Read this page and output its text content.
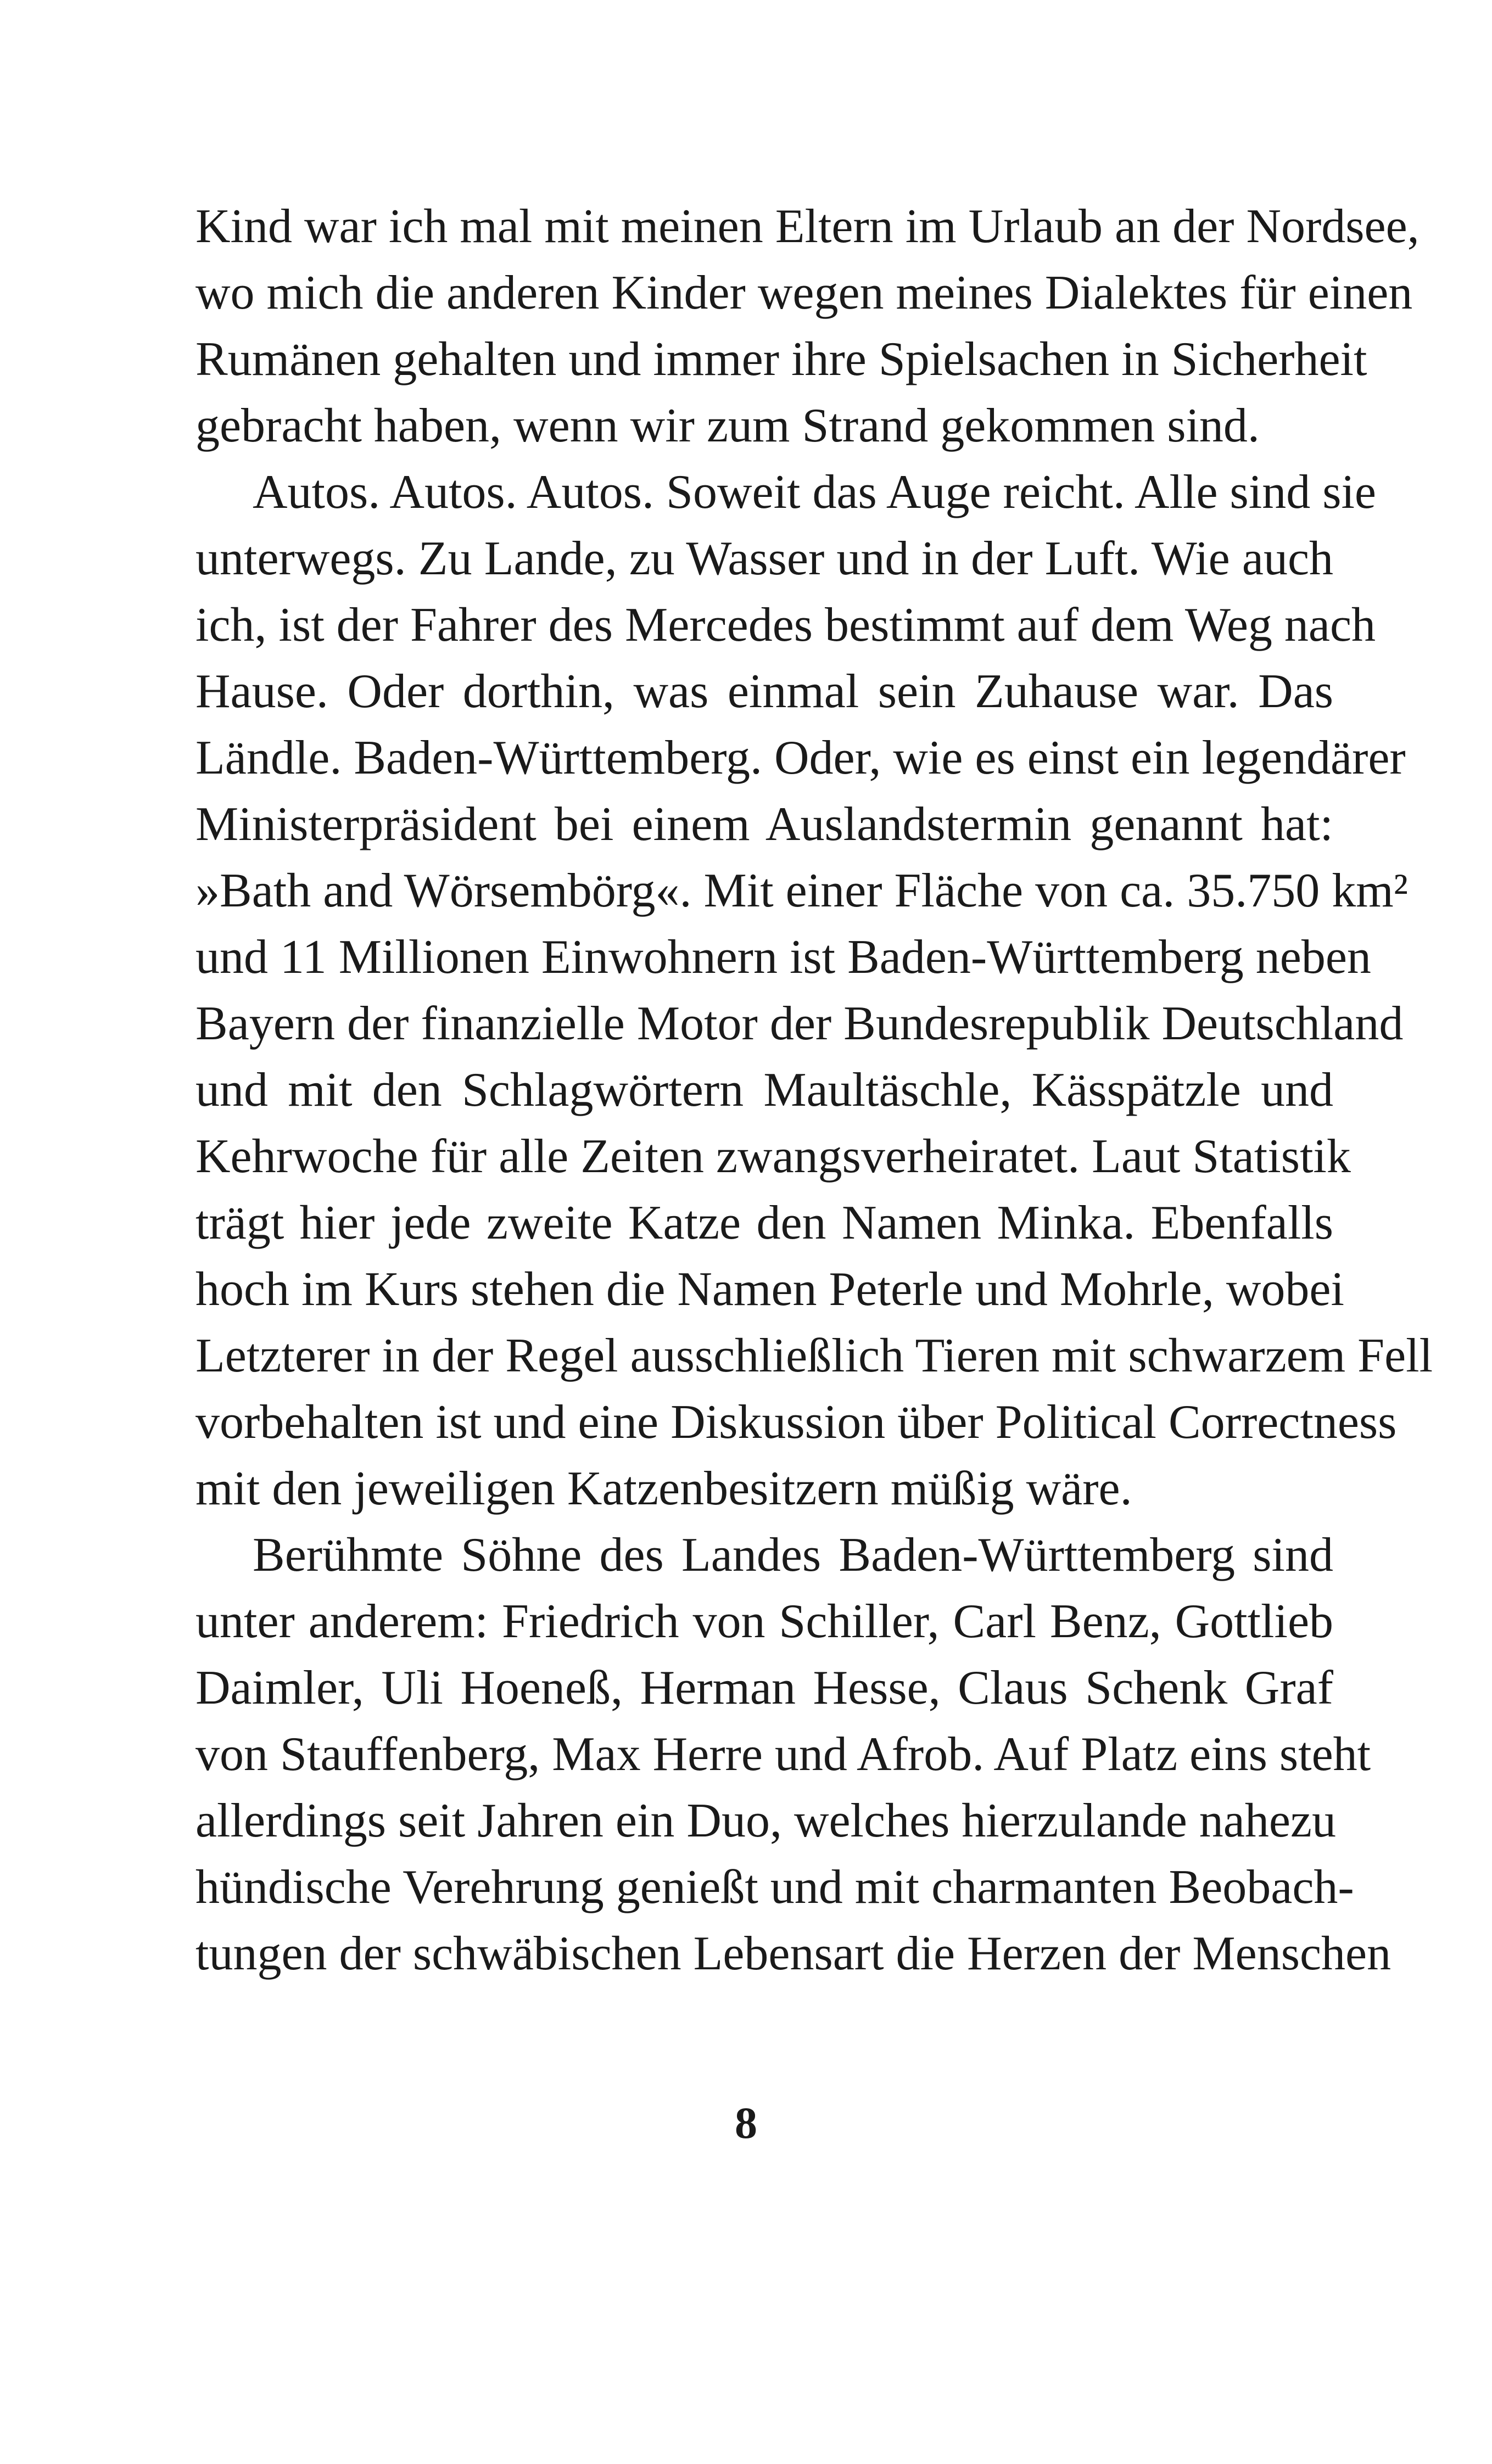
Kind war ich mal mit meinen Eltern im Urlaub an der Nordsee,
wo mich die anderen Kinder wegen meines Dialektes für einen
Rumänen gehalten und immer ihre Spielsachen in Sicherheit
gebracht haben, wenn wir zum Strand gekommen sind.
Autos. Autos. Autos. Soweit das Auge reicht. Alle sind sie
unterwegs. Zu Lande, zu Wasser und in der Luft. Wie auch
ich, ist der Fahrer des Mercedes bestimmt auf dem Weg nach
Hause. Oder dorthin, was einmal sein Zuhause war. Das
Ländle. Baden-Württemberg. Oder, wie es einst ein legendärer
Ministerpräsident bei einem Auslandstermin genannt hat:
»Bath and Wörsembörg«. Mit einer Fläche von ca. 35.750 km²
und 11 Millionen Einwohnern ist Baden-Württemberg neben
Bayern der finanzielle Motor der Bundesrepublik Deutschland
und mit den Schlagwörtern Maultäschle, Kässpätzle und
Kehrwoche für alle Zeiten zwangsverheiratet. Laut Statistik
trägt hier jede zweite Katze den Namen Minka. Ebenfalls
hoch im Kurs stehen die Namen Peterle und Mohrle, wobei
Letzterer in der Regel ausschließlich Tieren mit schwarzem Fell
vorbehalten ist und eine Diskussion über Political Correctness
mit den jeweiligen Katzenbesitzern müßig wäre.
Berühmte Söhne des Landes Baden-Württemberg sind
unter anderem: Friedrich von Schiller, Carl Benz, Gottlieb
Daimler, Uli Hoeneß, Herman Hesse, Claus Schenk Graf
von Stauffenberg, Max Herre und Afrob. Auf Platz eins steht
allerdings seit Jahren ein Duo, welches hierzulande nahezu
hündische Verehrung genießt und mit charmanten Beobach-
tungen der schwäbischen Lebensart die Herzen der Menschen
8
